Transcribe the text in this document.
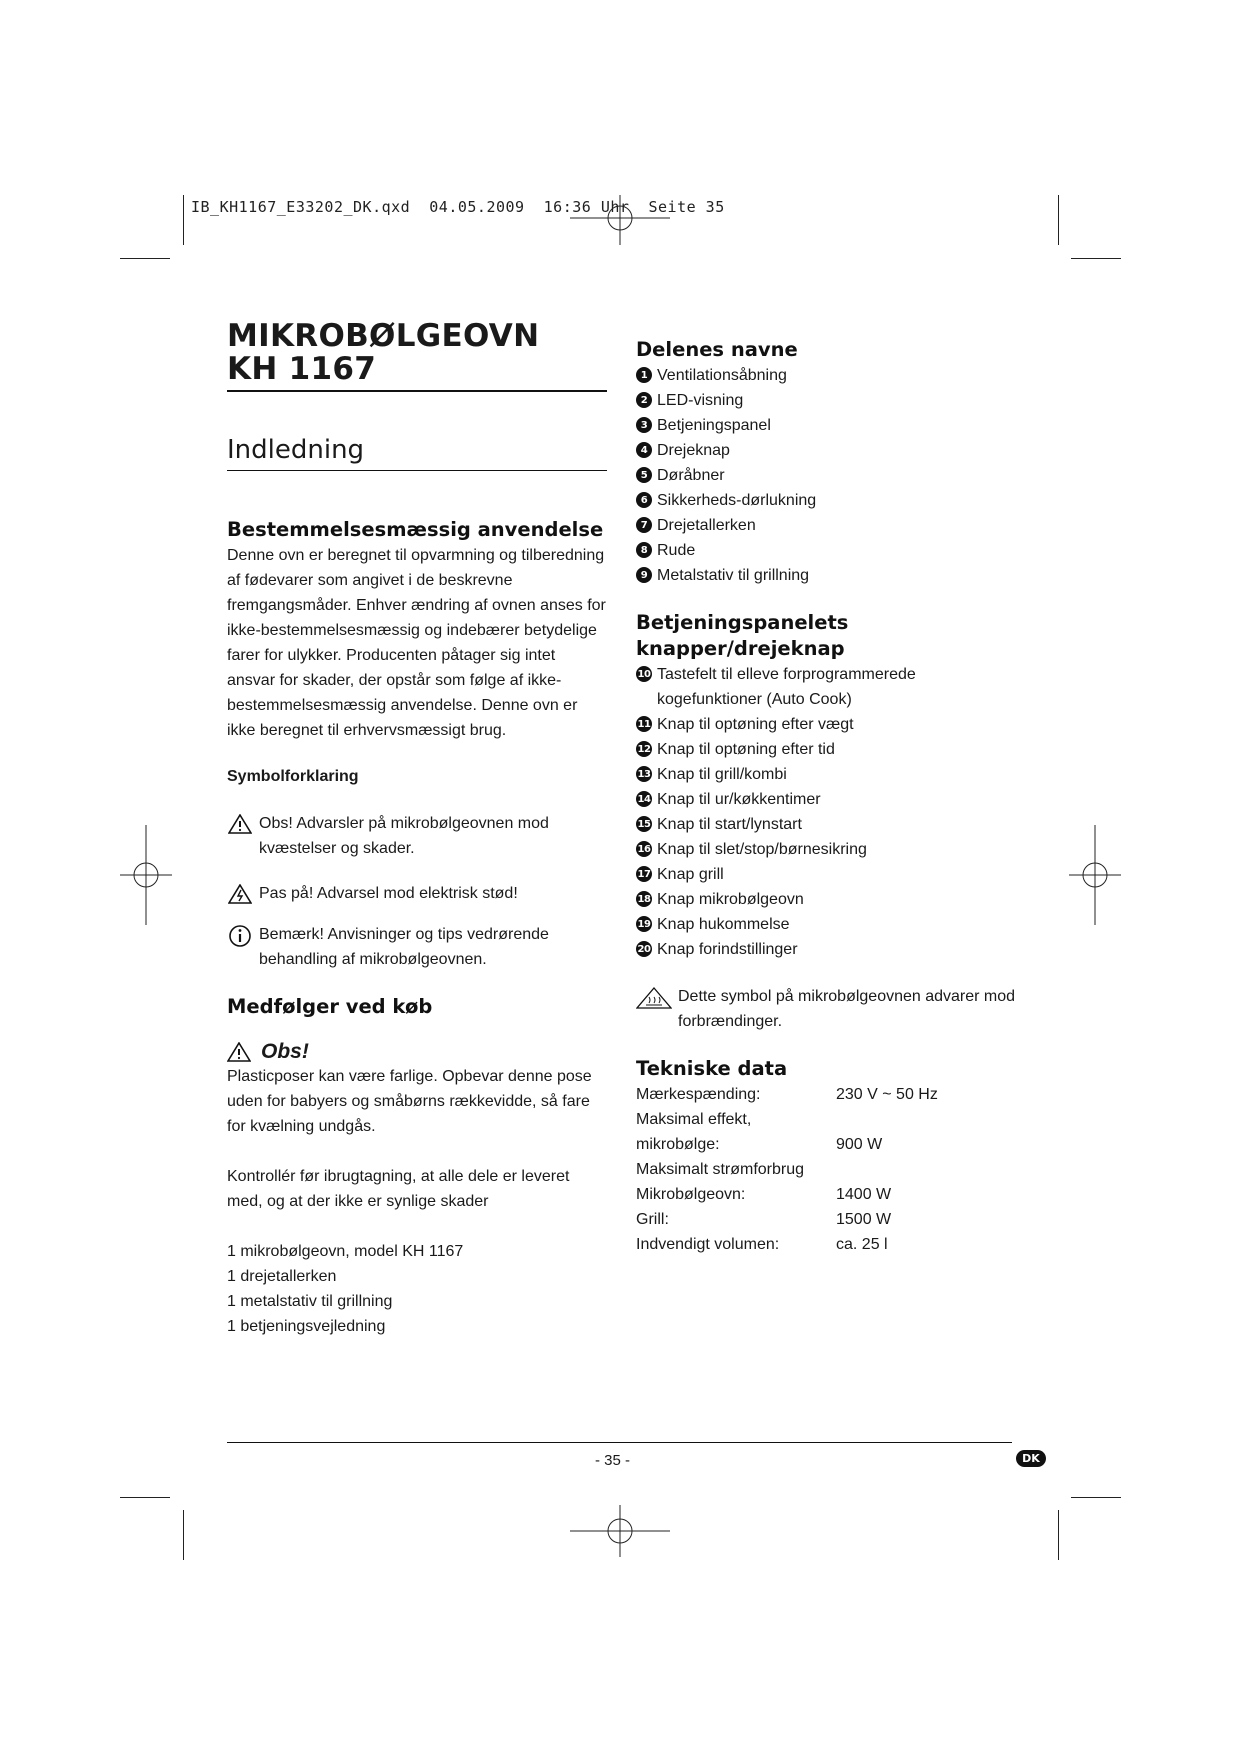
IB_KH1167_E33202_DK.qxd  04.05.2009  16:36 Uhr  Seite 35
MIKROBØLGEOVN
KH 1167
Indledning
Bestemmelsesmæssig anvendelse

Denne ovn er beregnet til opvarmning og tilberedning af fødevarer som angivet i de beskrevne fremgangsmåder. Enhver ændring af ovnen anses for ikke-bestemmelsesmæssig og indebærer betydelige farer for ulykker. Producenten påtager sig intet ansvar for skader, der opstår som følge af ikke-bestemmelsesmæssig anvendelse. Denne ovn er ikke beregnet til erhvervsmæssigt brug.

Symbolforklaring
Obs! Advarsler på mikrobølgeovnen mod kvæstelser og skader.
Pas på! Advarsel mod elektrisk stød!
Bemærk! Anvisninger og tips vedrørende behandling af mikrobølgeovnen.
Medfølger ved køb
Obs!

Plasticposer kan være farlige. Opbevar denne pose uden for babyers og småbørns rækkevidde, så fare for kvælning undgås.

Kontrollér før ibrugtagning, at alle dele er leveret med, og at der ikke er synlige skader

1 mikrobølgeovn, model KH 1167
1 drejetallerken
1 metalstativ til grillning
1 betjeningsvejledning
Delenes navne
1 Ventilationsåbning
2 LED-visning
3 Betjeningspanel
4 Drejeknap
5 Døråbner
6 Sikkerheds-dørlukning
7 Drejetallerken
8 Rude
9 Metalstativ til grillning
Betjeningspanelets knapper/drejeknap
10 Tastefelt til elleve forprogrammerede kogefunktioner (Auto Cook)
11 Knap til optøning efter vægt
12 Knap til optøning efter tid
13 Knap til grill/kombi
14 Knap til ur/køkkentimer
15 Knap til start/lynstart
16 Knap til slet/stop/børnesikring
17 Knap grill
18 Knap mikrobølgeovn
19 Knap hukommelse
20 Knap forindstillinger
Dette symbol på mikrobølgeovnen advarer mod forbrændinger.
Tekniske data
Mærkespænding:	230 V ~ 50 Hz
Maksimal effekt,	
mikrobølge:	900 W
Maksimalt strømforbrug	
Mikrobølgeovn:	1400 W
Grill:	1500 W
Indvendigt volumen:	ca. 25 l
- 35 -	DK
